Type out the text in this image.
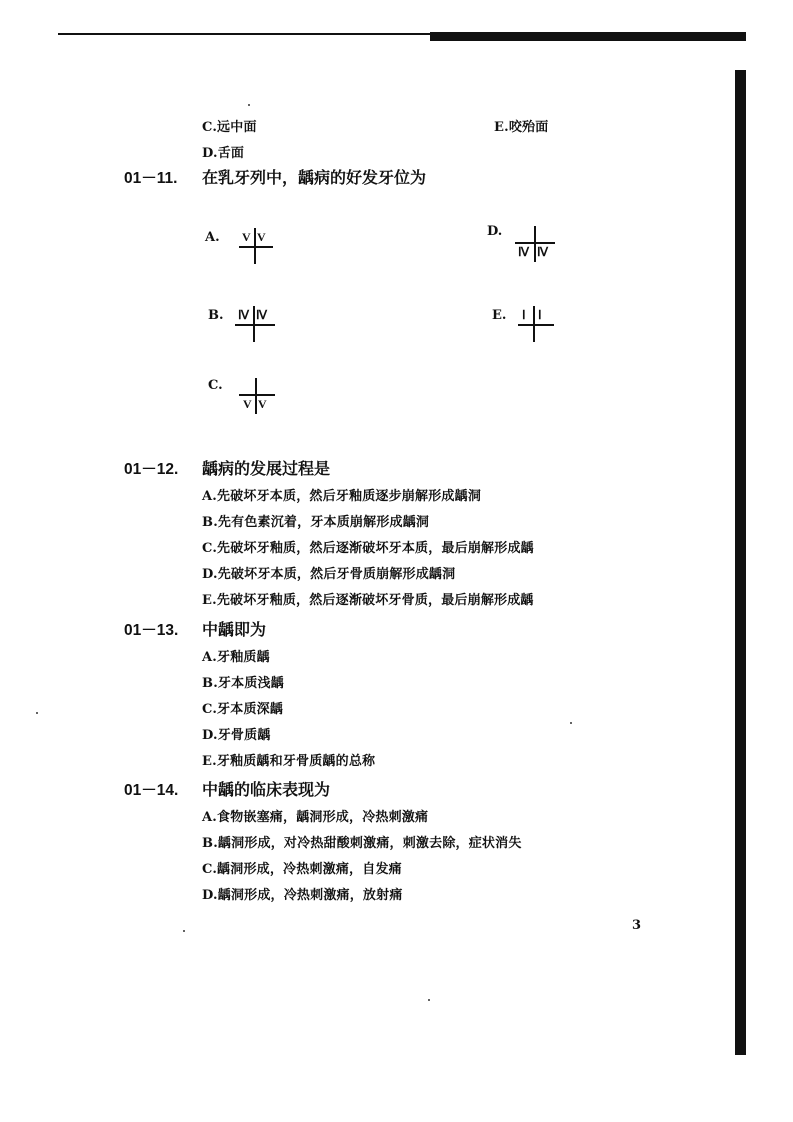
C.远中面	E.咬殆面
D.舌面
01－11. 在乳牙列中，龋病的好发牙位为
A. V V	D.
Ⅳ Ⅳ
B. Ⅳ Ⅳ	E. Ⅰ Ⅰ
C.
V V
01－12. 龋病的发展过程是
A.先破坏牙本质，然后牙釉质逐步崩解形成龋洞
B.先有色素沉着，牙本质崩解形成龋洞
C.先破坏牙釉质，然后逐渐破坏牙本质，最后崩解形成龋
D.先破坏牙本质，然后牙骨质崩解形成龋洞
E.先破坏牙釉质，然后逐渐破坏牙骨质，最后崩解形成龋
01－13. 中龋即为
A.牙釉质龋
B.牙本质浅龋
C.牙本质深龋
D.牙骨质龋
E.牙釉质龋和牙骨质龋的总称
01－14. 中龋的临床表现为
A.食物嵌塞痛，龋洞形成，冷热刺激痛
B.龋洞形成，对冷热甜酸刺激痛，刺激去除，症状消失
C.龋洞形成，冷热刺激痛，自发痛
D.龋洞形成，冷热刺激痛，放射痛
3
